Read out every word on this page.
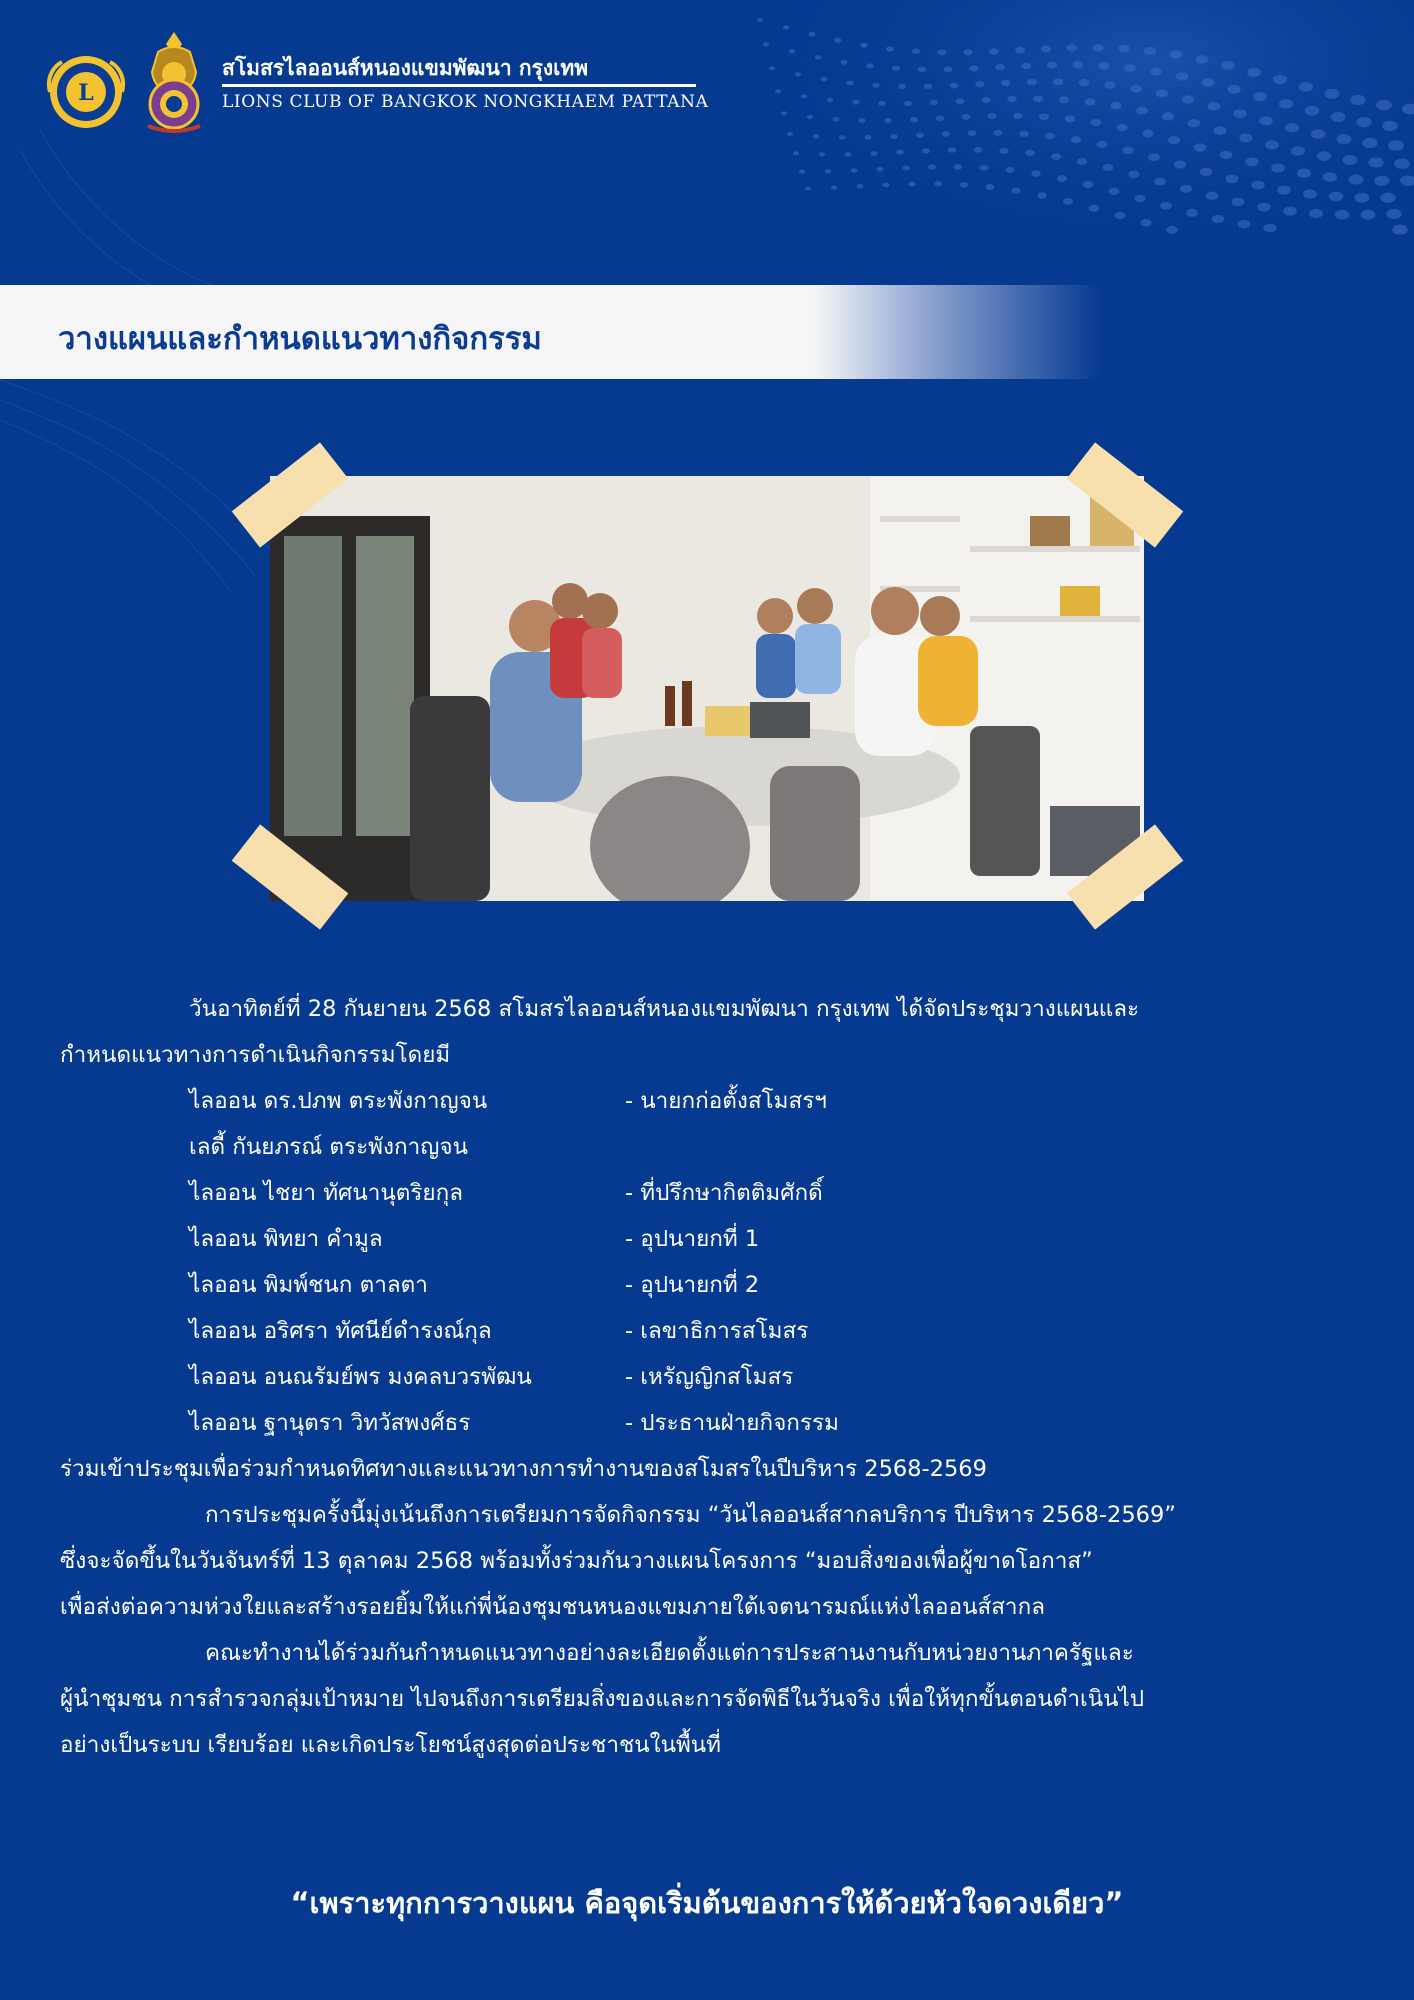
L
สโมสรไลออนส์หนองแขมพัฒนา กรุงเทพ
LIONS CLUB OF BANGKOK NONGKHAEM PATTANA
วางแผนและกำหนดแนวทางกิจกรรม
วันอาทิตย์ที่ 28 กันยายน 2568 สโมสรไลออนส์หนองแขมพัฒนา กรุงเทพ ได้จัดประชุมวางแผนและ
กำหนดแนวทางการดำเนินกิจกรรมโดยมี
ไลออน ดร.ปภพ ตระพังกาญจน	- นายกก่อตั้งสโมสรฯ
เลดี้ กันยภรณ์ ตระพังกาญจน
ไลออน ไชยา ทัศนานุตริยกุล	- ที่ปรึกษากิตติมศักดิ์
ไลออน พิทยา คำมูล	- อุปนายกที่ 1
ไลออน พิมพ์ชนก ตาลตา	- อุปนายกที่ 2
ไลออน อริศรา ทัศนีย์ดำรงณ์กุล	- เลขาธิการสโมสร
ไลออน อนณรัมย์พร มงคลบวรพัฒน	- เหรัญญิกสโมสร
ไลออน ฐานุตรา วิทวัสพงศ์ธร	- ประธานฝ่ายกิจกรรม
ร่วมเข้าประชุมเพื่อร่วมกำหนดทิศทางและแนวทางการทำงานของสโมสรในปีบริหาร 2568-2569
การประชุมครั้งนี้มุ่งเน้นถึงการเตรียมการจัดกิจกรรม “วันไลออนส์สากลบริการ ปีบริหาร 2568-2569”
ซึ่งจะจัดขึ้นในวันจันทร์ที่ 13 ตุลาคม 2568 พร้อมทั้งร่วมกันวางแผนโครงการ “มอบสิ่งของเพื่อผู้ขาดโอกาส”
เพื่อส่งต่อความห่วงใยและสร้างรอยยิ้มให้แก่พี่น้องชุมชนหนองแขมภายใต้เจตนารมณ์แห่งไลออนส์สากล
คณะทำงานได้ร่วมกันกำหนดแนวทางอย่างละเอียดตั้งแต่การประสานงานกับหน่วยงานภาครัฐและ
ผู้นำชุมชน การสำรวจกลุ่มเป้าหมาย ไปจนถึงการเตรียมสิ่งของและการจัดพิธีในวันจริง เพื่อให้ทุกขั้นตอนดำเนินไป
อย่างเป็นระบบ เรียบร้อย และเกิดประโยชน์สูงสุดต่อประชาชนในพื้นที่
“เพราะทุกการวางแผน คือจุดเริ่มต้นของการให้ด้วยหัวใจดวงเดียว”
